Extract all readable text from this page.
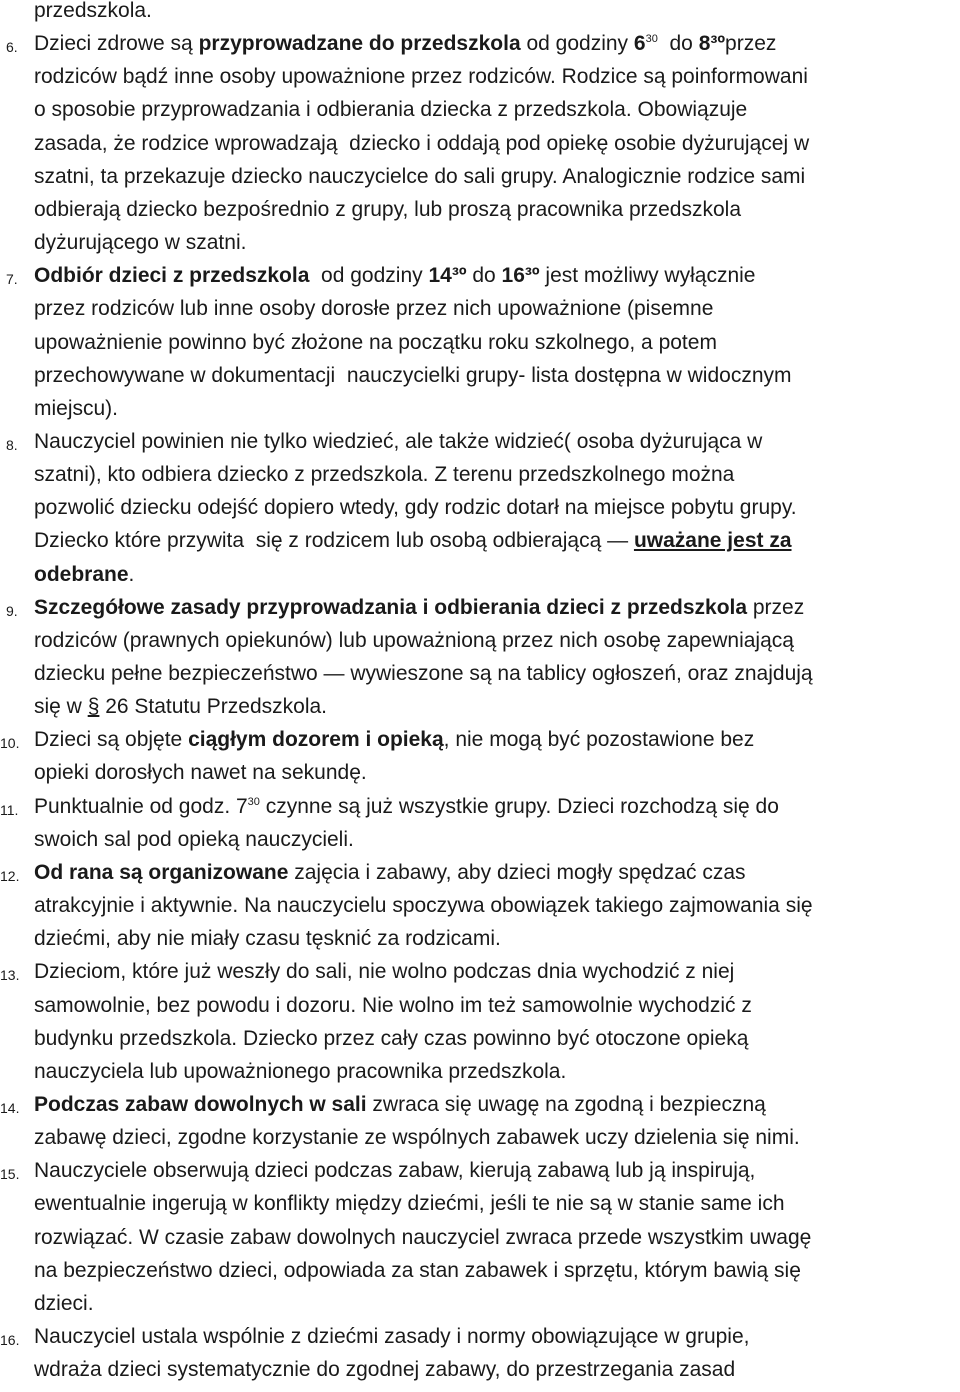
przedszkola.
6. Dzieci zdrowe są przyprowadzane do przedszkola od godziny $6^{30}$  do 8³ºprzez
rodziców bądź inne osoby upoważnione przez rodziców. Rodzice są poinformowani
o sposobie przyprowadzania i odbierania dziecka z przedszkola. Obowiązuje
zasada, że rodzice wprowadzają  dziecko i oddają pod opiekę osobie dyżurującej w
szatni, ta przekazuje dziecko nauczycielce do sali grupy. Analogicznie rodzice sami
odbierają dziecko bezpośrednio z grupy, lub proszą pracownika przedszkola
dyżurującego w szatni.
7. Odbiór dzieci z przedszkola  od godziny 14³º do 16³º jest możliwy wyłącznie
przez rodziców lub inne osoby dorosłe przez nich upoważnione (pisemne
upoważnienie powinno być złożone na początku roku szkolnego, a potem
przechowywane w dokumentacji  nauczycielki grupy- lista dostępna w widocznym
miejscu).
8. Nauczyciel powinien nie tylko wiedzieć, ale także widzieć( osoba dyżurująca w
szatni), kto odbiera dziecko z przedszkola. Z terenu przedszkolnego można
pozwolić dziecku odejść dopiero wtedy, gdy rodzic dotarł na miejsce pobytu grupy.
Dziecko które przywita  się z rodzicem lub osobą odbierającą — uważane jest za
odebrane.
9. Szczegółowe zasady przyprowadzania i odbierania dzieci z przedszkola przez
rodziców (prawnych opiekunów) lub upoważnioną przez nich osobę zapewniającą
dziecku pełne bezpieczeństwo — wywieszone są na tablicy ogłoszeń, oraz znajdują
się w § 26 Statutu Przedszkola.
10. Dzieci są objęte ciągłym dozorem i opieką, nie mogą być pozostawione bez
opieki dorosłych nawet na sekundę.
11. Punktualnie od godz. $7^{30}$ czynne są już wszystkie grupy. Dzieci rozchodzą się do
swoich sal pod opieką nauczycieli.
12. Od rana są organizowane zajęcia i zabawy, aby dzieci mogły spędzać czas
atrakcyjnie i aktywnie. Na nauczycielu spoczywa obowiązek takiego zajmowania się
dziećmi, aby nie miały czasu tęsknić za rodzicami.
13. Dzieciom, które już weszły do sali, nie wolno podczas dnia wychodzić z niej
samowolnie, bez powodu i dozoru. Nie wolno im też samowolnie wychodzić z
budynku przedszkola. Dziecko przez cały czas powinno być otoczone opieką
nauczyciela lub upoważnionego pracownika przedszkola.
14. Podczas zabaw dowolnych w sali zwraca się uwagę na zgodną i bezpieczną
zabawę dzieci, zgodne korzystanie ze wspólnych zabawek uczy dzielenia się nimi.
15. Nauczyciele obserwują dzieci podczas zabaw, kierują zabawą lub ją inspirują,
ewentualnie ingerują w konflikty między dziećmi, jeśli te nie są w stanie same ich
rozwiązać. W czasie zabaw dowolnych nauczyciel zwraca przede wszystkim uwagę
na bezpieczeństwo dzieci, odpowiada za stan zabawek i sprzętu, którym bawią się
dzieci.
16. Nauczyciel ustala wspólnie z dziećmi zasady i normy obowiązujące w grupie,
wdraża dzieci systematycznie do zgodnej zabawy, do przestrzegania zasad
